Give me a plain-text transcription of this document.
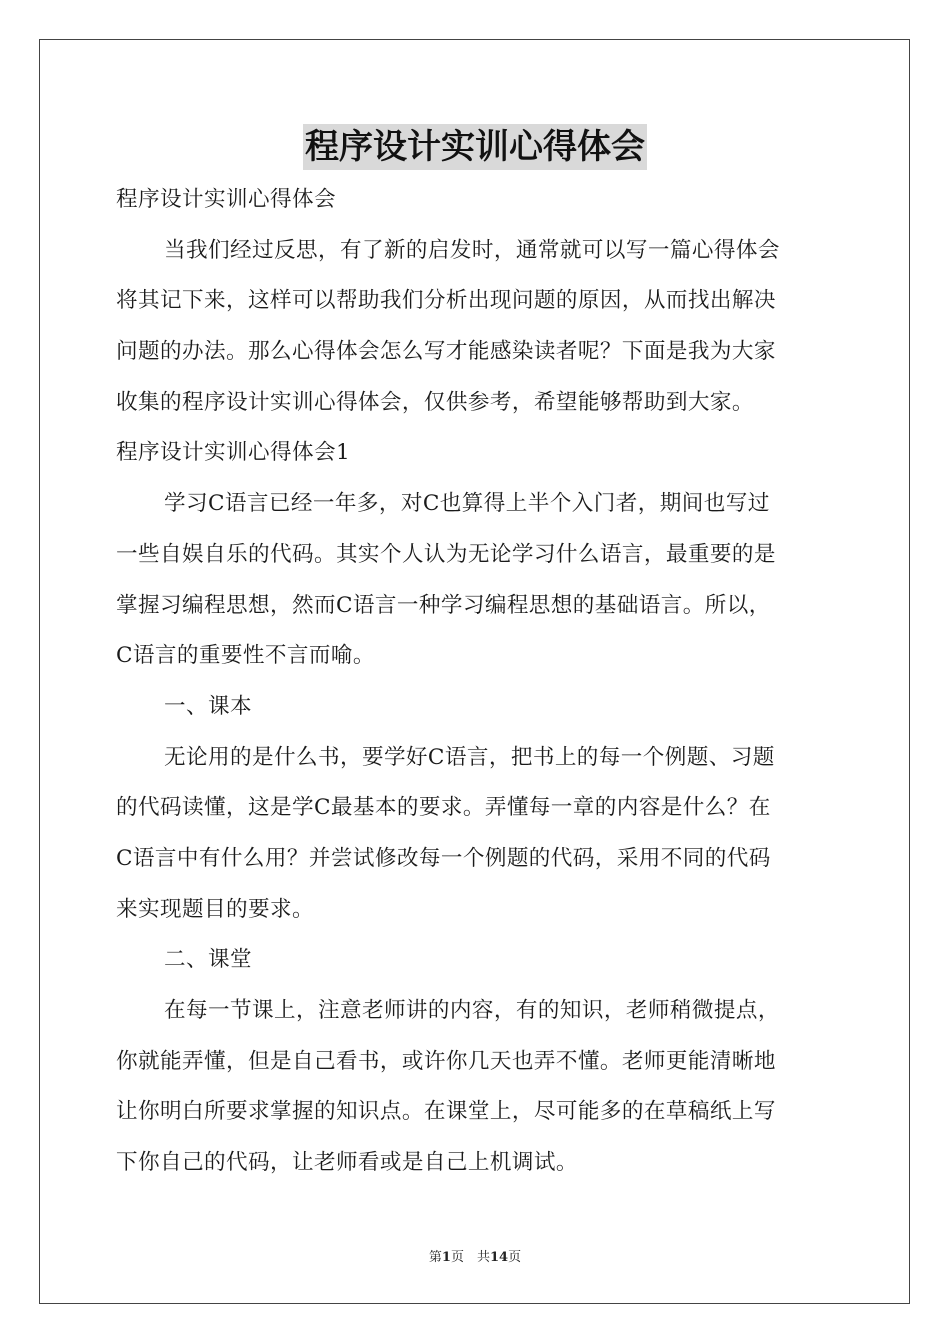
程序设计实训心得体会
程序设计实训心得体会
当我们经过反思，有了新的启发时，通常就可以写一篇心得体会
将其记下来，这样可以帮助我们分析出现问题的原因，从而找出解决
问题的办法。那么心得体会怎么写才能感染读者呢？下面是我为大家
收集的程序设计实训心得体会，仅供参考，希望能够帮助到大家。
程序设计实训心得体会1
学习C语言已经一年多，对C也算得上半个入门者，期间也写过
一些自娱自乐的代码。其实个人认为无论学习什么语言，最重要的是
掌握习编程思想，然而C语言一种学习编程思想的基础语言。所以，
C语言的重要性不言而喻。
一、课本
无论用的是什么书，要学好C语言，把书上的每一个例题、习题
的代码读懂，这是学C最基本的要求。弄懂每一章的内容是什么？在
C语言中有什么用？并尝试修改每一个例题的代码，采用不同的代码
来实现题目的要求。
二、课堂
在每一节课上，注意老师讲的内容，有的知识，老师稍微提点，
你就能弄懂，但是自己看书，或许你几天也弄不懂。老师更能清晰地
让你明白所要求掌握的知识点。在课堂上，尽可能多的在草稿纸上写
下你自己的代码，让老师看或是自己上机调试。
第1页　共14页
